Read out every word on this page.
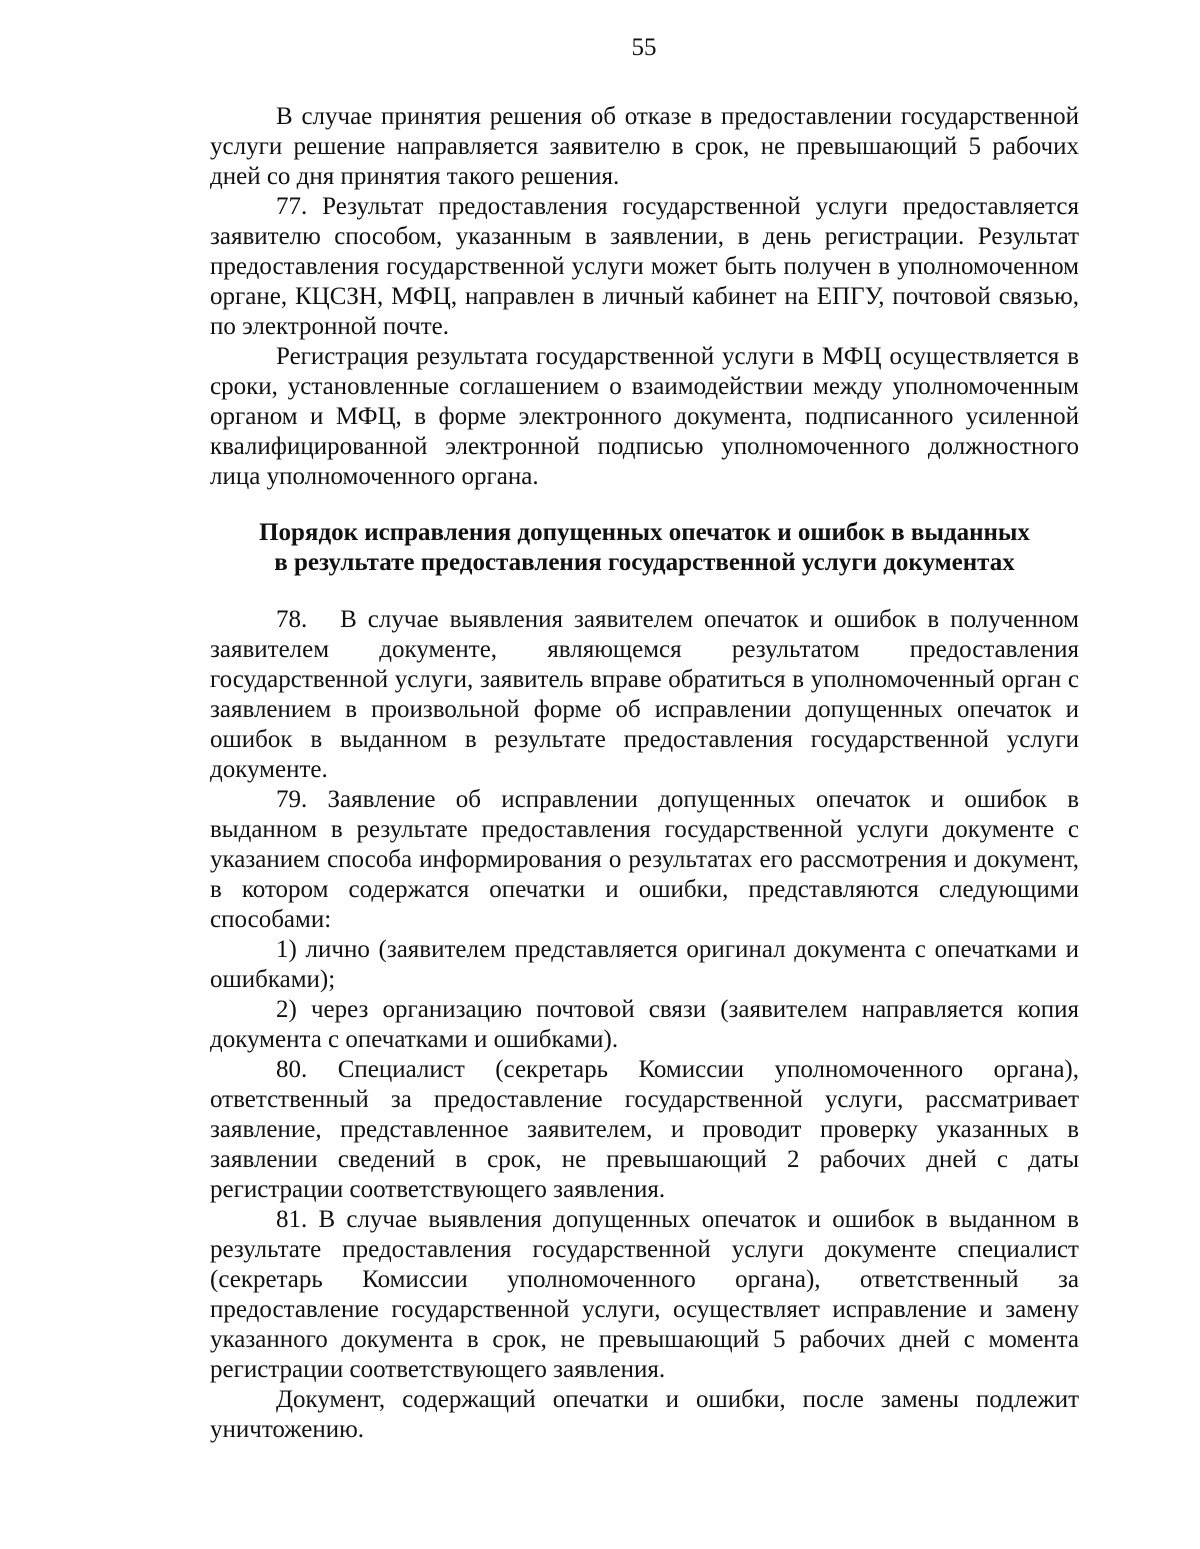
55

В случае принятия решения об отказе в предоставлении государственной услуги решение направляется заявителю в срок, не превышающий 5 рабочих дней со дня принятия такого решения.

77. Результат предоставления государственной услуги предоставляется заявителю способом, указанным в заявлении, в день регистрации. Результат предоставления государственной услуги может быть получен в уполномоченном органе, КЦСЗН, МФЦ, направлен в личный кабинет на ЕПГУ, почтовой связью, по электронной почте.

Регистрация результата государственной услуги в МФЦ осуществляется в сроки, установленные соглашением о взаимодействии между уполномоченным органом и МФЦ, в форме электронного документа, подписанного усиленной квалифицированной электронной подписью уполномоченного должностного лица уполномоченного органа.

Порядок исправления допущенных опечаток и ошибок в выданных
в результате предоставления государственной услуги документах

78.   В случае выявления заявителем опечаток и ошибок в полученном заявителем документе, являющемся результатом предоставления государственной услуги, заявитель вправе обратиться в уполномоченный орган с заявлением в произвольной форме об исправлении допущенных опечаток и ошибок в выданном в результате предоставления государственной услуги документе.

79. Заявление об исправлении допущенных опечаток и ошибок в выданном в результате предоставления государственной услуги документе с указанием способа информирования о результатах его рассмотрения и документ, в котором содержатся опечатки и ошибки, представляются следующими способами:

1) лично (заявителем представляется оригинал документа с опечатками и ошибками);

2) через организацию почтовой связи (заявителем направляется копия документа с опечатками и ошибками).

80. Специалист (секретарь Комиссии уполномоченного органа), ответственный за предоставление государственной услуги, рассматривает заявление, представленное заявителем, и проводит проверку указанных в заявлении сведений в срок, не превышающий 2 рабочих дней с даты регистрации соответствующего заявления.

81. В случае выявления допущенных опечаток и ошибок в выданном в результате предоставления государственной услуги документе специалист (секретарь Комиссии уполномоченного органа), ответственный за предоставление государственной услуги, осуществляет исправление и замену указанного документа в срок, не превышающий 5 рабочих дней с момента регистрации соответствующего заявления.

Документ, содержащий опечатки и ошибки, после замены подлежит уничтожению.
